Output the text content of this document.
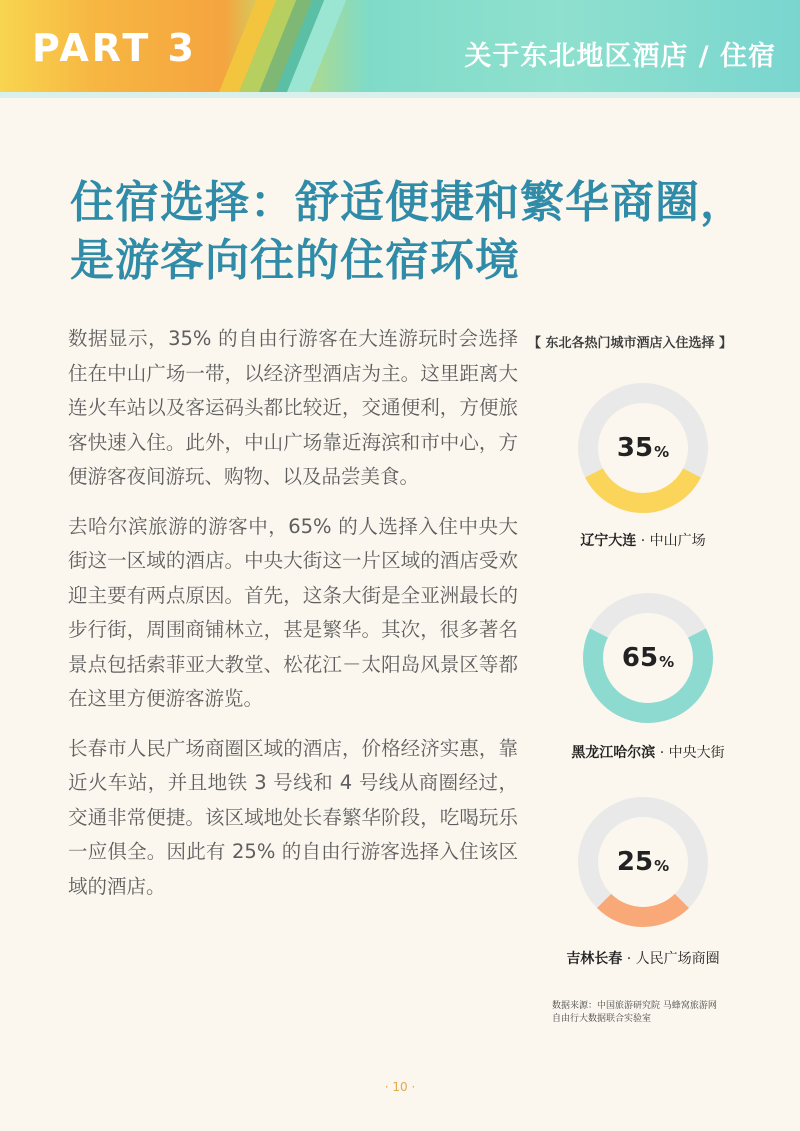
PART 3	关于东北地区酒店 / 住宿
住宿选择：舒适便捷和繁华商圈，
是游客向往的住宿环境

数据显示，35% 的自由行游客在大连游玩时会选择住在中山广场一带，以经济型酒店为主。这里距离大连火车站以及客运码头都比较近，交通便利，方便旅客快速入住。此外，中山广场靠近海滨和市中心，方便游客夜间游玩、购物、以及品尝美食。

去哈尔滨旅游的游客中，65% 的人选择入住中央大街这一区域的酒店。中央大街这一片区域的酒店受欢迎主要有两点原因。首先，这条大街是全亚洲最长的步行街，周围商铺林立，甚是繁华。其次，很多著名景点包括索菲亚大教堂、松花江－太阳岛风景区等都在这里方便游客游览。

长春市人民广场商圈区域的酒店，价格经济实惠，靠近火车站，并且地铁 3 号线和 4 号线从商圈经过，交通非常便捷。该区域地处长春繁华阶段，吃喝玩乐一应俱全。因此有 25% 的自由行游客选择入住该区域的酒店。

【 东北各热门城市酒店入住选择 】
35 %
辽宁大连 · 中山广场
65 %
黑龙江哈尔滨 · 中央大街
25 %
吉林长春 · 人民广场商圈
数据来源：中国旅游研究院 马蜂窝旅游网
自由行大数据联合实验室
· 10 ·
